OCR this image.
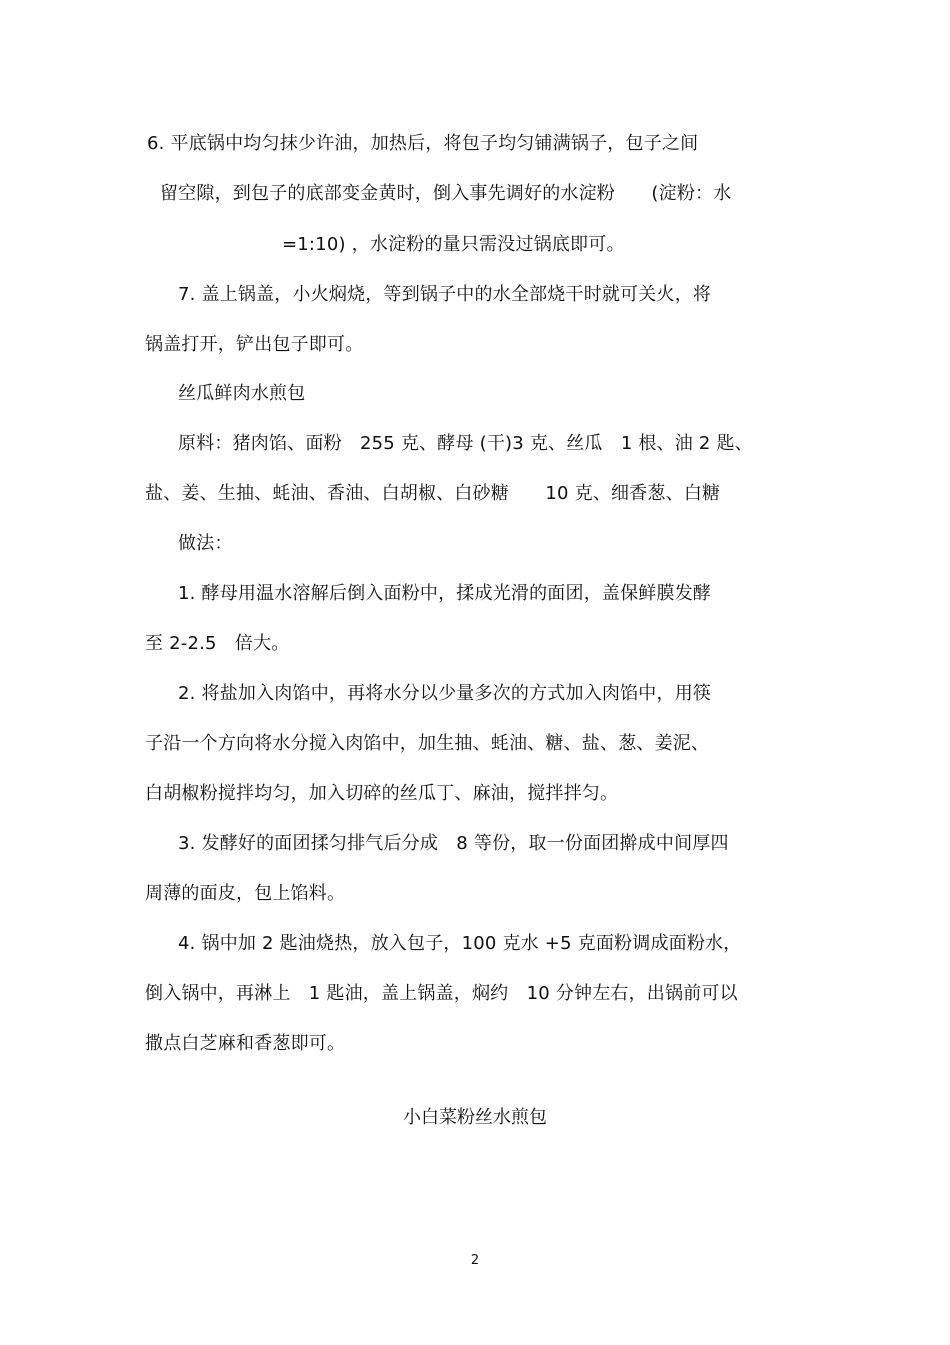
6. 平底锅中均匀抹少许油，加热后，将包子均匀铺满锅子，包子之间
留空隙，到包子的底部变金黄时，倒入事先调好的水淀粉　　(淀粉：水
=1:10) ，水淀粉的量只需没过锅底即可。
7. 盖上锅盖，小火焖烧，等到锅子中的水全部烧干时就可关火，将
锅盖打开，铲出包子即可。
丝瓜鲜肉水煎包
原料：猪肉馅、面粉　255 克、酵母 (干)3 克、丝瓜　1 根、油 2 匙、
盐、姜、生抽、蚝油、香油、白胡椒、白砂糖　　10 克、细香葱、白糖
做法：
1. 酵母用温水溶解后倒入面粉中，揉成光滑的面团，盖保鲜膜发酵
至 2-2.5　倍大。
2. 将盐加入肉馅中，再将水分以少量多次的方式加入肉馅中，用筷
子沿一个方向将水分搅入肉馅中，加生抽、蚝油、糖、盐、葱、姜泥、
白胡椒粉搅拌均匀，加入切碎的丝瓜丁、麻油，搅拌拌匀。
3. 发酵好的面团揉匀排气后分成　8 等份，取一份面团擀成中间厚四
周薄的面皮，包上馅料。
4. 锅中加 2 匙油烧热，放入包子，100 克水 +5 克面粉调成面粉水，
倒入锅中，再淋上　1 匙油，盖上锅盖，焖约　10 分钟左右，出锅前可以
撒点白芝麻和香葱即可。
小白菜粉丝水煎包
2
